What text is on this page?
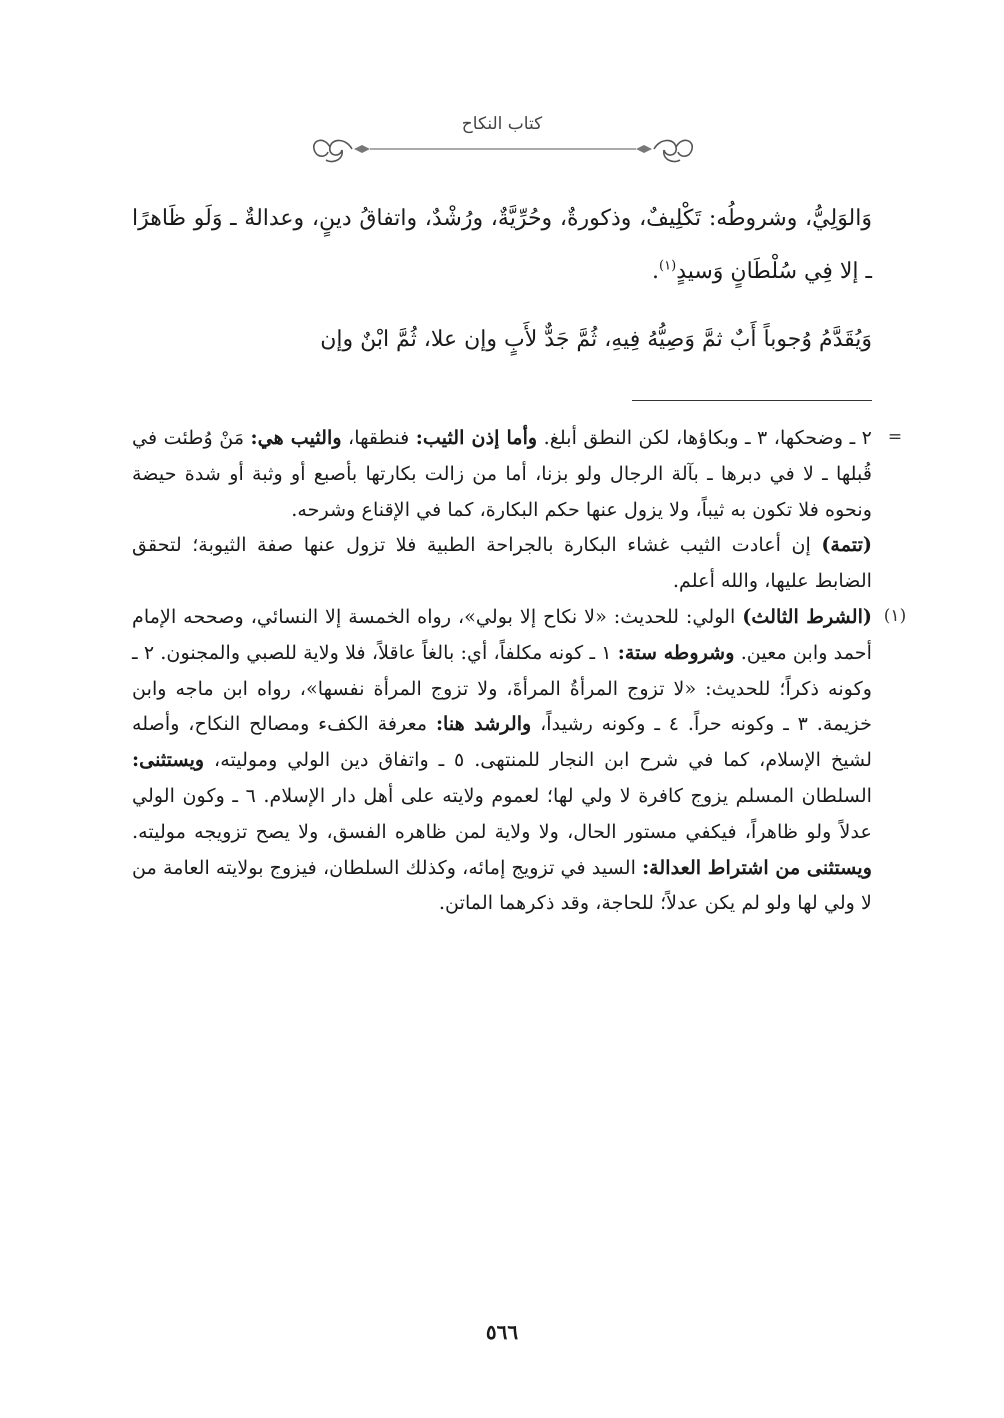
كتاب النكاح

وَالوَلِيُّ، وشروطُه: تَكْلِيفٌ، وذكورةٌ، وحُرِّيَّةٌ، ورُشْدٌ، واتفاقُ دينٍ، وعدالةٌ ـ وَلَو ظَاهرًا ـ إلا فِي سُلْطَانٍ وَسيدٍ$^{(١)}$.

وَيُقَدَّمُ وُجوباً أَبٌ ثمَّ وَصِيُّهُ فِيهِ، ثُمَّ جَدٌّ لأَبٍ وإن علا، ثُمَّ ابْنٌ وإن

=
٢ ـ وضحكها، ٣ ـ وبكاؤها، لكن النطق أبلغ. وأما إذن الثيب: فنطقها، والثيب هي: مَنْ وُطئت في قُبلها ـ لا في دبرها ـ بآلة الرجال ولو بزنا، أما من زالت بكارتها بأصبع أو وثبة أو شدة حيضة ونحوه فلا تكون به ثيباً، ولا يزول عنها حكم البكارة، كما في الإقناع وشرحه.
(تتمة) إن أعادت الثيب غشاء البكارة بالجراحة الطبية فلا تزول عنها صفة الثيوبة؛ لتحقق الضابط عليها، والله أعلم.
(١)
(الشرط الثالث) الولي: للحديث: «لا نكاح إلا بولي»، رواه الخمسة إلا النسائي، وصححه الإمام أحمد وابن معين. وشروطه ستة: ١ ـ كونه مكلفاً، أي: بالغاً عاقلاً، فلا ولاية للصبي والمجنون. ٢ ـ وكونه ذكراً؛ للحديث: «لا تزوج المرأةُ المرأةَ، ولا تزوج المرأة نفسها»، رواه ابن ماجه وابن خزيمة. ٣ ـ وكونه حراً. ٤ ـ وكونه رشيداً، والرشد هنا: معرفة الكفء ومصالح النكاح، وأصله لشيخ الإسلام، كما في شرح ابن النجار للمنتهى. ٥ ـ واتفاق دين الولي وموليته، ويستثنى: السلطان المسلم يزوج كافرة لا ولي لها؛ لعموم ولايته على أهل دار الإسلام. ٦ ـ وكون الولي عدلاً ولو ظاهراً، فيكفي مستور الحال، ولا ولاية لمن ظاهره الفسق، ولا يصح تزويجه موليته. ويستثنى من اشتراط العدالة: السيد في تزويج إمائه، وكذلك السلطان، فيزوج بولايته العامة من لا ولي لها ولو لم يكن عدلاً؛ للحاجة، وقد ذكرهما الماتن.
٥٦٦
